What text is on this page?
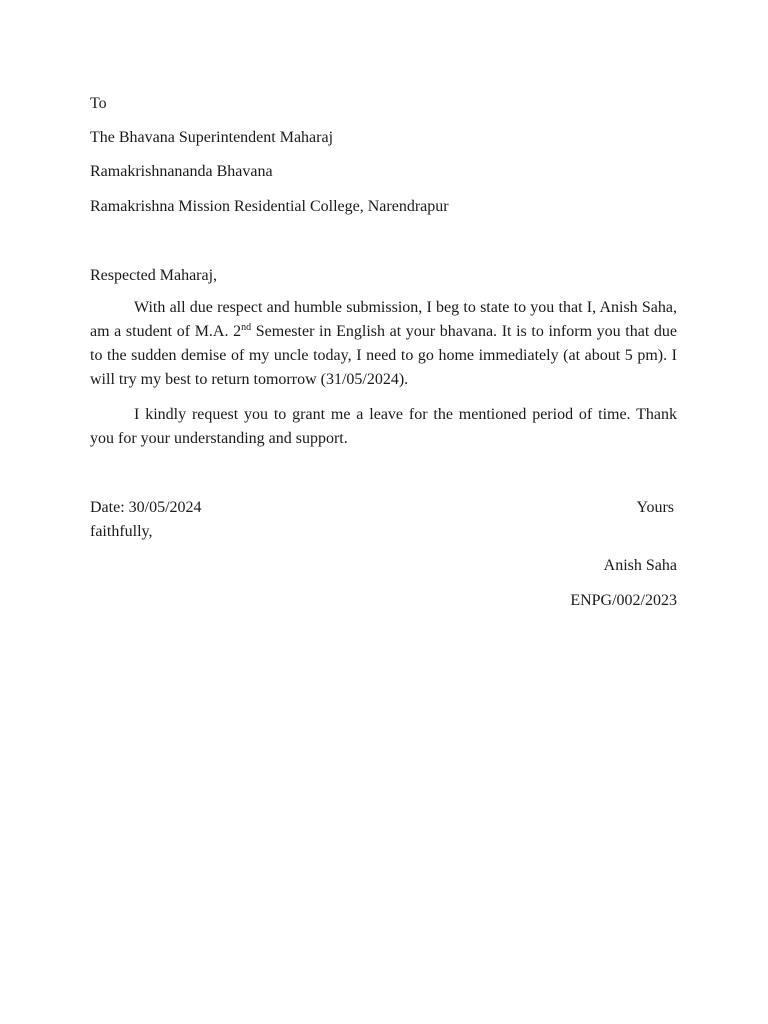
To
The Bhavana Superintendent Maharaj
Ramakrishnananda Bhavana
Ramakrishna Mission Residential College, Narendrapur
Respected Maharaj,

With all due respect and humble submission, I beg to state to you that I, Anish Saha, am a student of M.A. 2nd Semester in English at your bhavana. It is to inform you that due to the sudden demise of my uncle today, I need to go home immediately (at about 5 pm). I will try my best to return tomorrow (31/05/2024).

I kindly request you to grant me a leave for the mentioned period of time. Thank you for your understanding and support.

Date: 30/05/2024	Yours
faithfully,
Anish Saha
ENPG/002/2023
